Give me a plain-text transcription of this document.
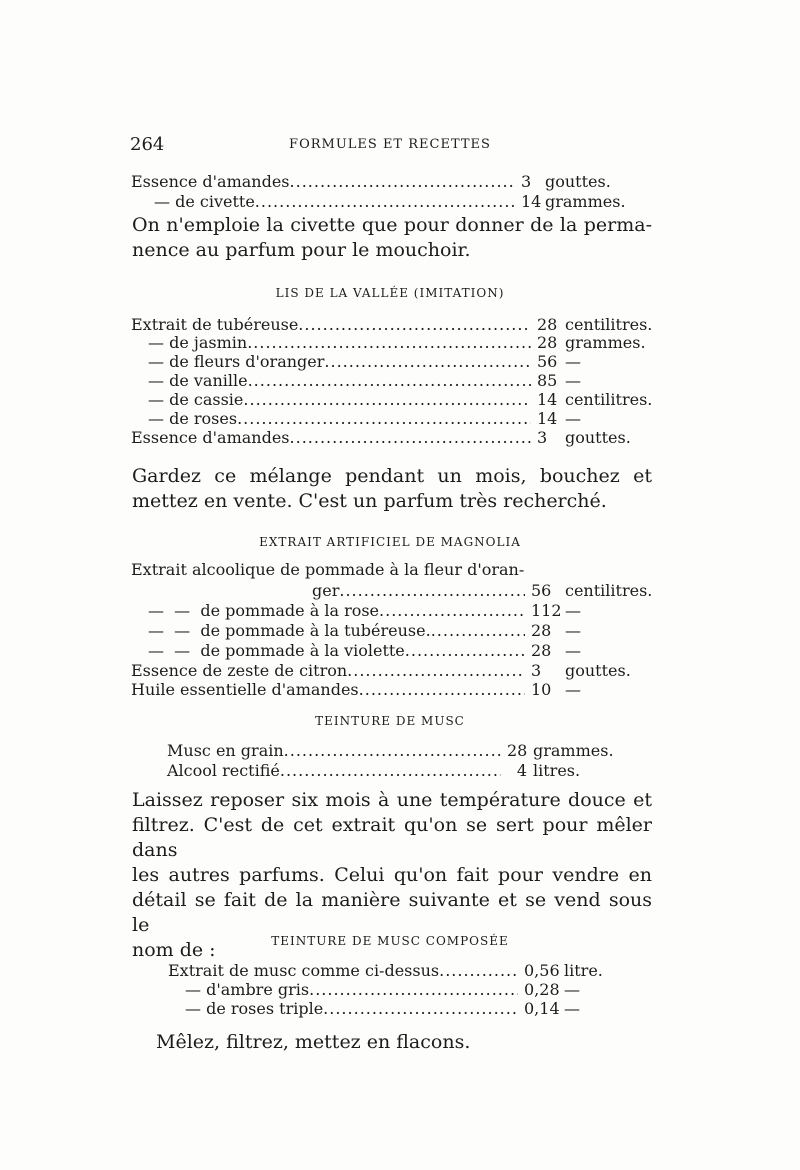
264	FORMULES ET RECETTES
Essence d'amandes .....	3 gouttes.
— de civette .....	14 grammes.
On n'emploie la civette que pour donner de la perma-
nence au parfum pour le mouchoir.
LIS DE LA VALLÉE (IMITATION)
Extrait de tubéreuse .....	28 centilitres.
— de jasmin .....	28 grammes.
— de fleurs d'oranger .....	56 —
— de vanille .....	85 —
— de cassie .....	14 centilitres.
— de roses .....	14 —
Essence d'amandes .....	3	gouttes.
Gardez ce mélange pendant un mois, bouchez et
mettez en vente. C'est un parfum très recherché.
EXTRAIT ARTIFICIEL DE MAGNOLIA
Extrait alcoolique de pommade à la fleur d'oran-
ger .....	56 centilitres.
—  —  de pommade à la rose .....	112 —
—  —  de pommade à la tubéreuse. .....	28 —
—  —  de pommade à la violette .....	28 —
Essence de zeste de citron .....	3	gouttes.
Huile essentielle d'amandes .....	10 —
TEINTURE DE MUSC
Musc en grain .....	28 grammes.
Alcool rectifié .....	4 litres.
Laissez reposer six mois à une température douce et
filtrez. C'est de cet extrait qu'on se sert pour mêler dans
les autres parfums. Celui qu'on fait pour vendre en
détail se fait de la manière suivante et se vend sous le
nom de :	TEINTURE DE MUSC COMPOSÉE
Extrait de musc comme ci-dessus .....	0,56 litre.
— d'ambre gris .....	0,28 —
— de roses triple .....	0,14 —
Mêlez, filtrez, mettez en flacons.
